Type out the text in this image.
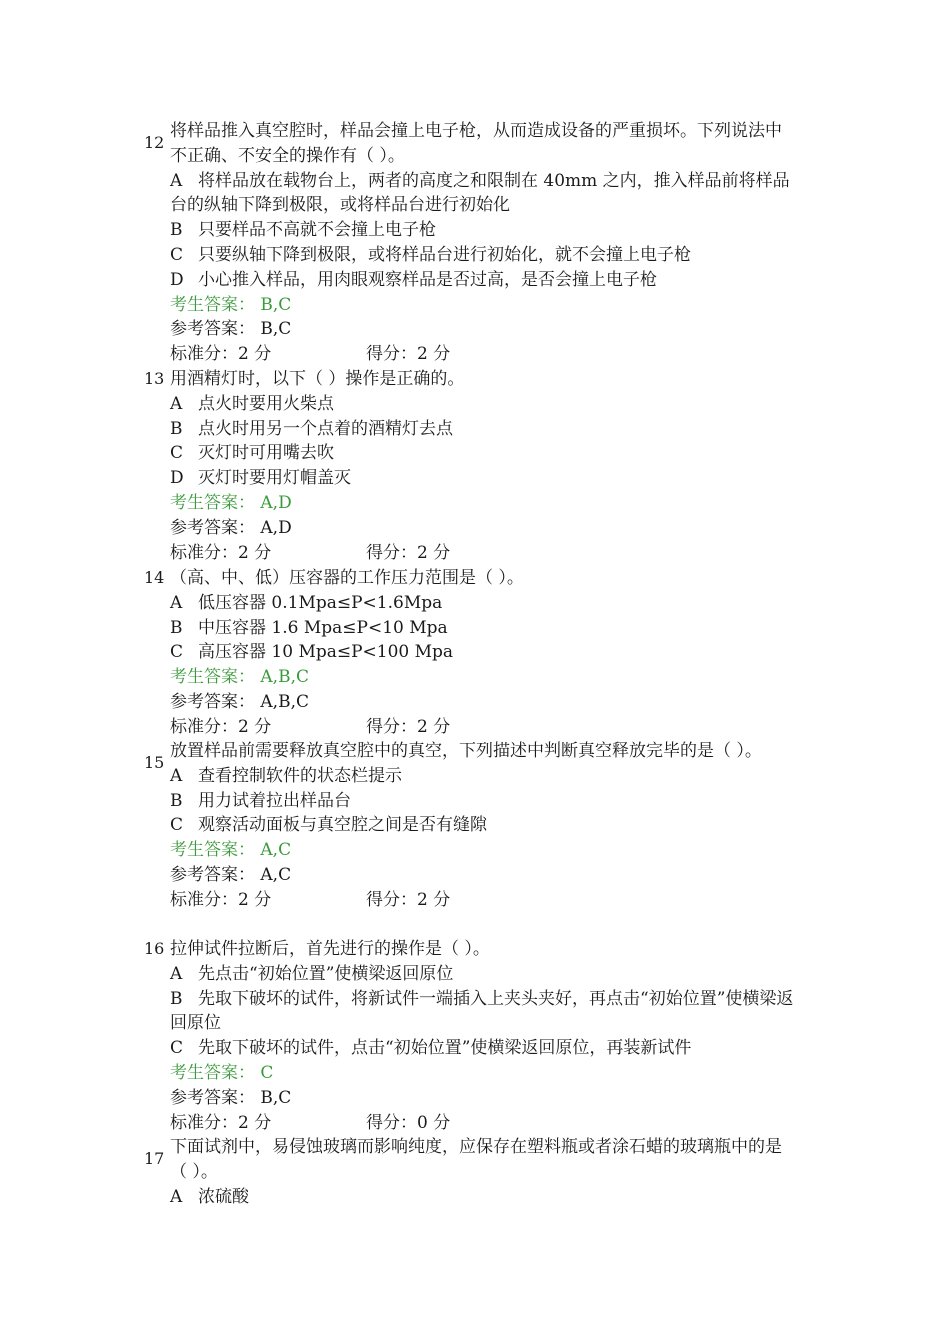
12
将样品推入真空腔时，样品会撞上电子枪，从而造成设备的严重损坏。下列说法中不正确、不安全的操作有（ ）。
A 将样品放在载物台上，两者的高度之和限制在 40mm 之内，推入样品前将样品台的纵轴下降到极限，或将样品台进行初始化
B 只要样品不高就不会撞上电子枪
C 只要纵轴下降到极限，或将样品台进行初始化，就不会撞上电子枪
D 小心推入样品，用肉眼观察样品是否过高，是否会撞上电子枪
考生答案： B,C
参考答案： B,C
标准分：2 分	得分：2 分
13 用酒精灯时，以下（ ）操作是正确的。
A 点火时要用火柴点
B 点火时用另一个点着的酒精灯去点
C 灭灯时可用嘴去吹
D 灭灯时要用灯帽盖灭
考生答案： A,D
参考答案： A,D
标准分：2 分	得分：2 分
14 （高、中、低）压容器的工作压力范围是（ ）。
A 低压容器 0.1Mpa≤P<1.6Mpa
B 中压容器 1.6 Mpa≤P<10 Mpa
C 高压容器 10 Mpa≤P<100 Mpa
考生答案： A,B,C
参考答案： A,B,C
标准分：2 分	得分：2 分
15
放置样品前需要释放真空腔中的真空，下列描述中判断真空释放完毕的是（ ）。
A 查看控制软件的状态栏提示
B 用力试着拉出样品台
C 观察活动面板与真空腔之间是否有缝隙
考生答案： A,C
参考答案： A,C
标准分：2 分	得分：2 分
16 拉伸试件拉断后，首先进行的操作是（ ）。
A 先点击“初始位置”使横梁返回原位
B 先取下破坏的试件，将新试件一端插入上夹头夹好，再点击“初始位置”使横梁返回原位
C 先取下破坏的试件，点击“初始位置”使横梁返回原位，再装新试件
考生答案： C
参考答案： B,C
标准分：2 分	得分：0 分
17
下面试剂中，易侵蚀玻璃而影响纯度，应保存在塑料瓶或者涂石蜡的玻璃瓶中的是（ ）。
A 浓硫酸
